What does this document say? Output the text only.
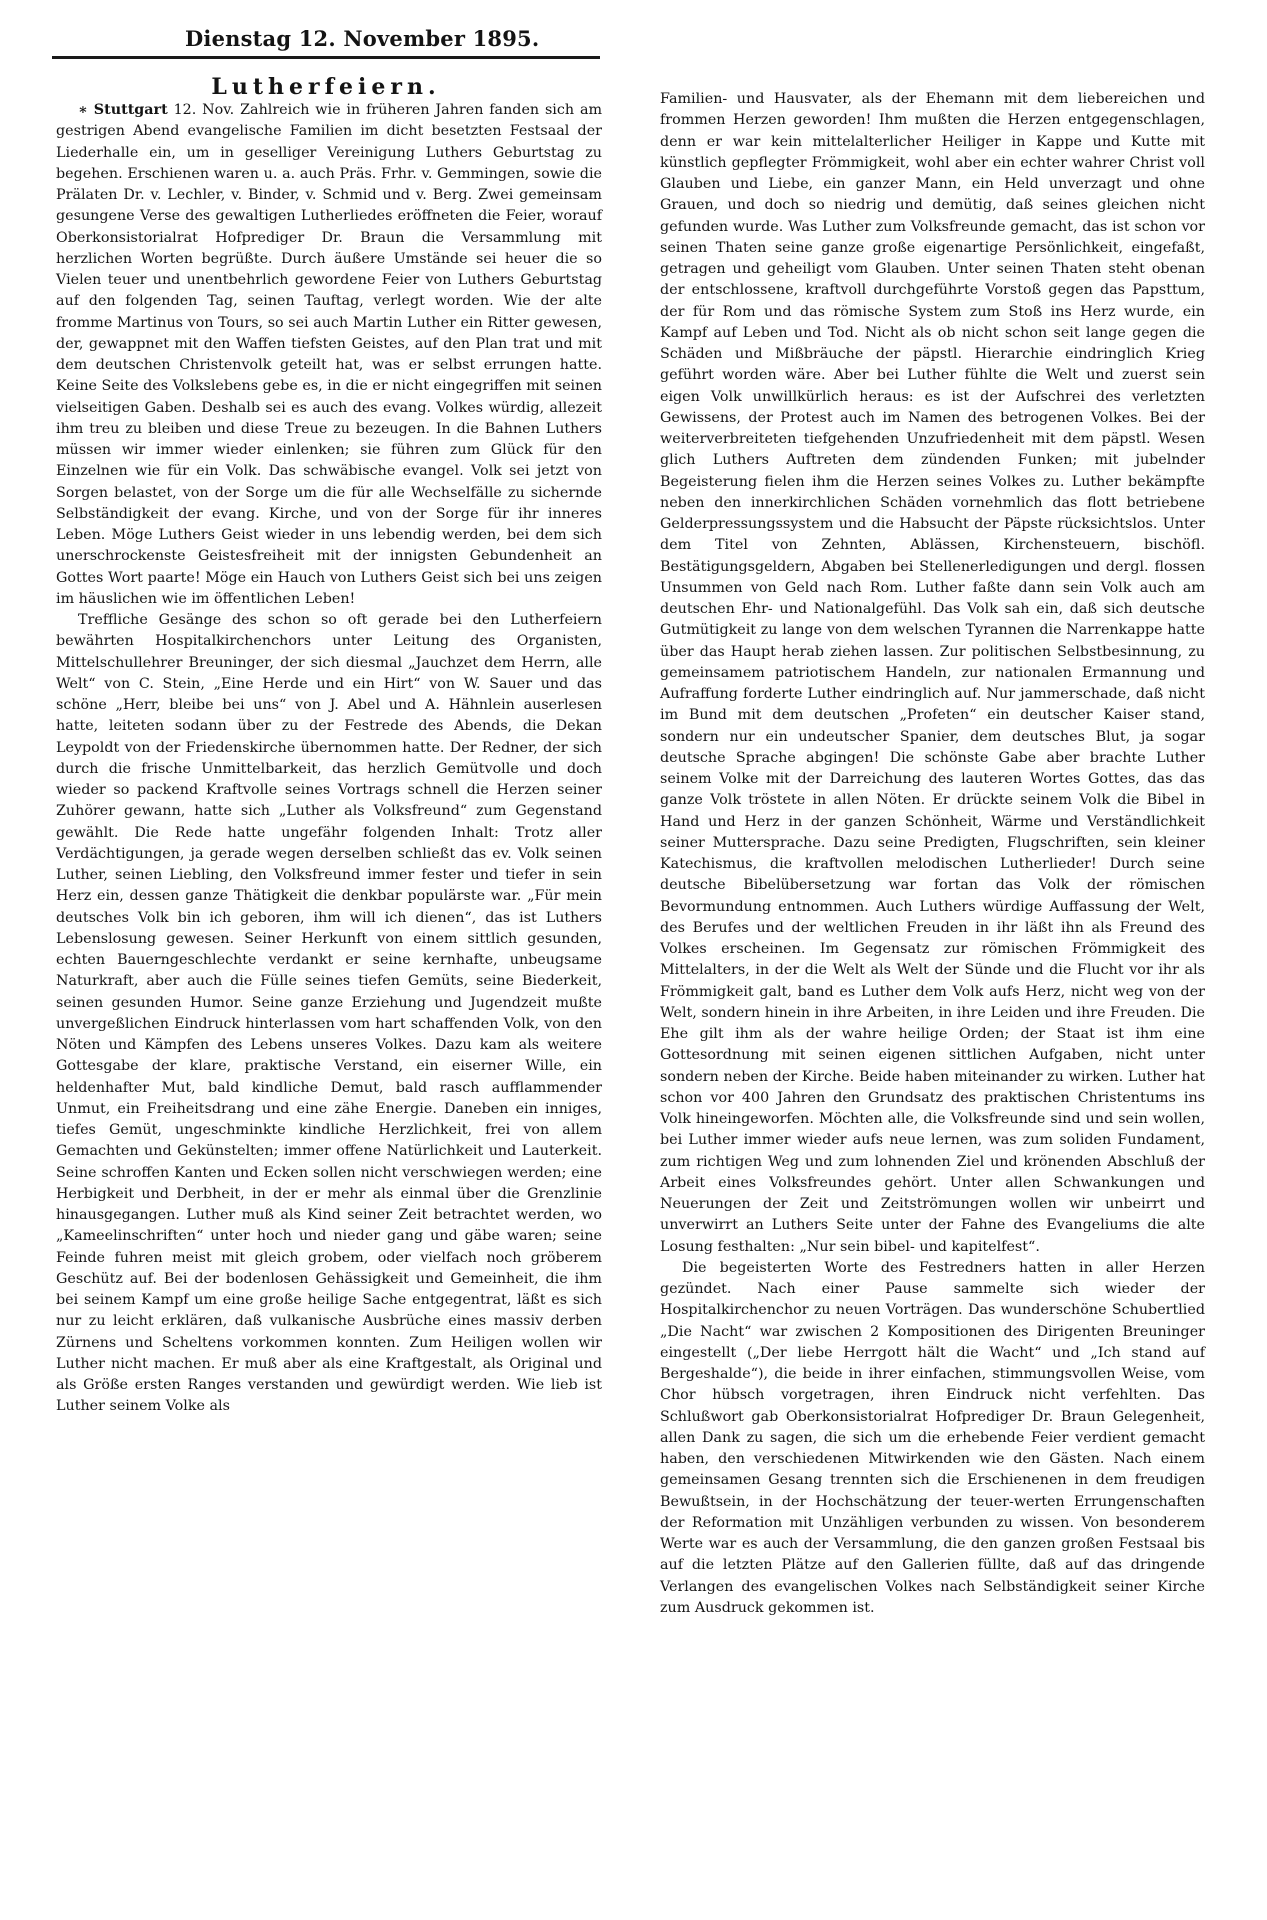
Dienstag 12. November 1895.
Lutherfeiern.

∗ Stuttgart 12. Nov. Zahlreich wie in früheren Jahren fanden sich am gestrigen Abend evangelische Familien im dicht besetzten Festsaal der Liederhalle ein, um in geselliger Vereinigung Luthers Geburtstag zu begehen. Erschienen waren u. a. auch Präs. Frhr. v. Gemmingen, sowie die Prälaten Dr. v. Lechler, v. Binder, v. Schmid und v. Berg. Zwei gemeinsam gesungene Verse des gewaltigen Lutherliedes eröffneten die Feier, worauf Oberkonsistorialrat Hofprediger Dr. Braun die Versammlung mit herzlichen Worten begrüßte. Durch äußere Umstände sei heuer die so Vielen teuer und unentbehrlich gewordene Feier von Luthers Geburtstag auf den folgenden Tag, seinen Tauftag, verlegt worden. Wie der alte fromme Martinus von Tours, so sei auch Martin Luther ein Ritter gewesen, der, gewappnet mit den Waffen tiefsten Geistes, auf den Plan trat und mit dem deutschen Christenvolk geteilt hat, was er selbst errungen hatte. Keine Seite des Volkslebens gebe es, in die er nicht eingegriffen mit seinen vielseitigen Gaben. Deshalb sei es auch des evang. Volkes würdig, allezeit ihm treu zu bleiben und diese Treue zu bezeugen. In die Bahnen Luthers müssen wir immer wieder einlenken; sie führen zum Glück für den Einzelnen wie für ein Volk. Das schwäbische evangel. Volk sei jetzt von Sorgen belastet, von der Sorge um die für alle Wechselfälle zu sichernde Selbständigkeit der evang. Kirche, und von der Sorge für ihr inneres Leben. Möge Luthers Geist wieder in uns lebendig werden, bei dem sich unerschrockenste Geistesfreiheit mit der innigsten Gebundenheit an Gottes Wort paarte! Möge ein Hauch von Luthers Geist sich bei uns zeigen im häuslichen wie im öffentlichen Leben!

Treffliche Gesänge des schon so oft gerade bei den Lutherfeiern bewährten Hospitalkirchenchors unter Leitung des Organisten, Mittelschullehrer Breuninger, der sich diesmal „Jauchzet dem Herrn, alle Welt“ von C. Stein, „Eine Herde und ein Hirt“ von W. Sauer und das schöne „Herr, bleibe bei uns“ von J. Abel und A. Hähnlein auserlesen hatte, leiteten sodann über zu der Festrede des Abends, die Dekan Leypoldt von der Friedenskirche übernommen hatte. Der Redner, der sich durch die frische Unmittelbarkeit, das herzlich Gemütvolle und doch wieder so packend Kraftvolle seines Vortrags schnell die Herzen seiner Zuhörer gewann, hatte sich „Luther als Volksfreund“ zum Gegenstand gewählt. Die Rede hatte ungefähr folgenden Inhalt: Trotz aller Verdächtigungen, ja gerade wegen derselben schließt das ev. Volk seinen Luther, seinen Liebling, den Volksfreund immer fester und tiefer in sein Herz ein, dessen ganze Thätigkeit die denkbar populärste war. „Für mein deutsches Volk bin ich geboren, ihm will ich dienen“, das ist Luthers Lebenslosung gewesen. Seiner Herkunft von einem sittlich gesunden, echten Bauerngeschlechte verdankt er seine kernhafte, unbeugsame Naturkraft, aber auch die Fülle seines tiefen Gemüts, seine Biederkeit, seinen gesunden Humor. Seine ganze Erziehung und Jugendzeit mußte unvergeßlichen Eindruck hinterlassen vom hart schaffenden Volk, von den Nöten und Kämpfen des Lebens unseres Volkes. Dazu kam als weitere Gottesgabe der klare, praktische Verstand, ein eiserner Wille, ein heldenhafter Mut, bald kindliche Demut, bald rasch aufflammender Unmut, ein Freiheitsdrang und eine zähe Energie. Daneben ein inniges, tiefes Gemüt, ungeschminkte kindliche Herzlichkeit, frei von allem Gemachten und Gekünstelten; immer offene Natürlichkeit und Lauterkeit. Seine schroffen Kanten und Ecken sollen nicht verschwiegen werden; eine Herbigkeit und Derbheit, in der er mehr als einmal über die Grenzlinie hinausgegangen. Luther muß als Kind seiner Zeit betrachtet werden, wo „Kameelinschriften“ unter hoch und nieder gang und gäbe waren; seine Feinde fuhren meist mit gleich grobem, oder vielfach noch gröberem Geschütz auf. Bei der bodenlosen Gehässigkeit und Gemeinheit, die ihm bei seinem Kampf um eine große heilige Sache entgegentrat, läßt es sich nur zu leicht erklären, daß vulkanische Ausbrüche eines massiv derben Zürnens und Scheltens vorkommen konnten. Zum Heiligen wollen wir Luther nicht machen. Er muß aber als eine Kraftgestalt, als Original und als Größe ersten Ranges verstanden und gewürdigt werden. Wie lieb ist Luther seinem Volke als

Familien- und Hausvater, als der Ehemann mit dem liebereichen und frommen Herzen geworden! Ihm mußten die Herzen entgegenschlagen, denn er war kein mittelalterlicher Heiliger in Kappe und Kutte mit künstlich gepflegter Frömmigkeit, wohl aber ein echter wahrer Christ voll Glauben und Liebe, ein ganzer Mann, ein Held unverzagt und ohne Grauen, und doch so niedrig und demütig, daß seines gleichen nicht gefunden wurde. Was Luther zum Volksfreunde gemacht, das ist schon vor seinen Thaten seine ganze große eigenartige Persönlichkeit, eingefaßt, getragen und geheiligt vom Glauben. Unter seinen Thaten steht obenan der entschlossene, kraftvoll durchgeführte Vorstoß gegen das Papsttum, der für Rom und das römische System zum Stoß ins Herz wurde, ein Kampf auf Leben und Tod. Nicht als ob nicht schon seit lange gegen die Schäden und Mißbräuche der päpstl. Hierarchie eindringlich Krieg geführt worden wäre. Aber bei Luther fühlte die Welt und zuerst sein eigen Volk unwillkürlich heraus: es ist der Aufschrei des verletzten Gewissens, der Protest auch im Namen des betrogenen Volkes. Bei der weiterverbreiteten tiefgehenden Unzufriedenheit mit dem päpstl. Wesen glich Luthers Auftreten dem zündenden Funken; mit jubelnder Begeisterung fielen ihm die Herzen seines Volkes zu. Luther bekämpfte neben den innerkirchlichen Schäden vornehmlich das flott betriebene Gelderpressungssystem und die Habsucht der Päpste rücksichtslos. Unter dem Titel von Zehnten, Ablässen, Kirchensteuern, bischöfl. Bestätigungsgeldern, Abgaben bei Stellenerledigungen und dergl. flossen Unsummen von Geld nach Rom. Luther faßte dann sein Volk auch am deutschen Ehr- und Nationalgefühl. Das Volk sah ein, daß sich deutsche Gutmütigkeit zu lange von dem welschen Tyrannen die Narrenkappe hatte über das Haupt herab ziehen lassen. Zur politischen Selbstbesinnung, zu gemeinsamem patriotischem Handeln, zur nationalen Ermannung und Aufraffung forderte Luther eindringlich auf. Nur jammerschade, daß nicht im Bund mit dem deutschen „Profeten“ ein deutscher Kaiser stand, sondern nur ein undeutscher Spanier, dem deutsches Blut, ja sogar deutsche Sprache abgingen! Die schönste Gabe aber brachte Luther seinem Volke mit der Darreichung des lauteren Wortes Gottes, das das ganze Volk tröstete in allen Nöten. Er drückte seinem Volk die Bibel in Hand und Herz in der ganzen Schönheit, Wärme und Verständlichkeit seiner Muttersprache. Dazu seine Predigten, Flugschriften, sein kleiner Katechismus, die kraftvollen melodischen Lutherlieder! Durch seine deutsche Bibelübersetzung war fortan das Volk der römischen Bevormundung entnommen. Auch Luthers würdige Auffassung der Welt, des Berufes und der weltlichen Freuden in ihr läßt ihn als Freund des Volkes erscheinen. Im Gegensatz zur römischen Frömmigkeit des Mittelalters, in der die Welt als Welt der Sünde und die Flucht vor ihr als Frömmigkeit galt, band es Luther dem Volk aufs Herz, nicht weg von der Welt, sondern hinein in ihre Arbeiten, in ihre Leiden und ihre Freuden. Die Ehe gilt ihm als der wahre heilige Orden; der Staat ist ihm eine Gottesordnung mit seinen eigenen sittlichen Aufgaben, nicht unter sondern neben der Kirche. Beide haben miteinander zu wirken. Luther hat schon vor 400 Jahren den Grundsatz des praktischen Christentums ins Volk hineingeworfen. Möchten alle, die Volksfreunde sind und sein wollen, bei Luther immer wieder aufs neue lernen, was zum soliden Fundament, zum richtigen Weg und zum lohnenden Ziel und krönenden Abschluß der Arbeit eines Volksfreundes gehört. Unter allen Schwankungen und Neuerungen der Zeit und Zeitströmungen wollen wir unbeirrt und unverwirrt an Luthers Seite unter der Fahne des Evangeliums die alte Losung festhalten: „Nur sein bibel- und kapitelfest“.

Die begeisterten Worte des Festredners hatten in aller Herzen gezündet. Nach einer Pause sammelte sich wieder der Hospitalkirchenchor zu neuen Vorträgen. Das wunderschöne Schubertlied „Die Nacht“ war zwischen 2 Kompositionen des Dirigenten Breuninger eingestellt („Der liebe Herrgott hält die Wacht“ und „Ich stand auf Bergeshalde“), die beide in ihrer einfachen, stimmungsvollen Weise, vom Chor hübsch vorgetragen, ihren Eindruck nicht verfehlten. Das Schlußwort gab Oberkonsistorialrat Hofprediger Dr. Braun Gelegenheit, allen Dank zu sagen, die sich um die erhebende Feier verdient gemacht haben, den verschiedenen Mitwirkenden wie den Gästen. Nach einem gemeinsamen Gesang trennten sich die Erschienenen in dem freudigen Bewußtsein, in der Hochschätzung der teuer-werten Errungenschaften der Reformation mit Unzähligen verbunden zu wissen. Von besonderem Werte war es auch der Versammlung, die den ganzen großen Festsaal bis auf die letzten Plätze auf den Gallerien füllte, daß auf das dringende Verlangen des evangelischen Volkes nach Selbständigkeit seiner Kirche zum Ausdruck gekommen ist.
